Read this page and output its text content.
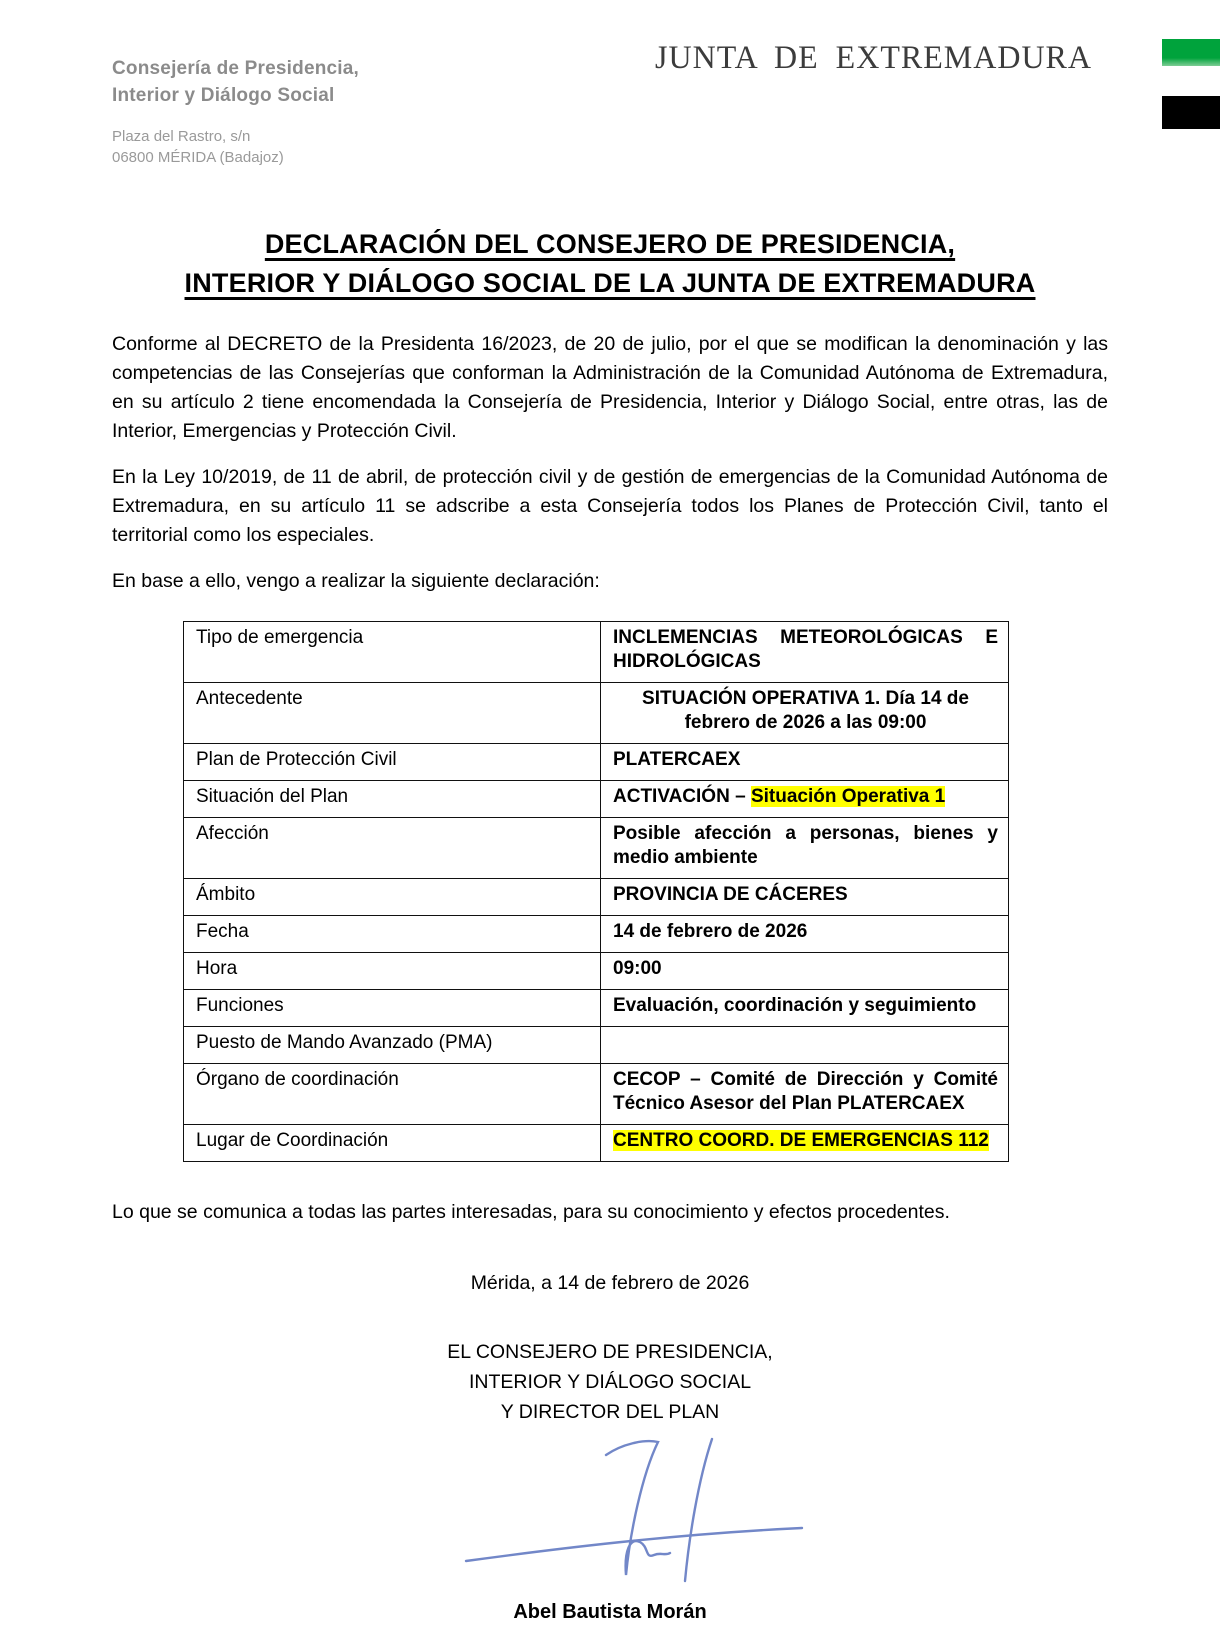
Consejería de Presidencia,
Interior y Diálogo Social
Plaza del Rastro, s/n
06800 MÉRIDA (Badajoz)
JUNTA DE EXTREMADURA
DECLARACIÓN DEL CONSEJERO DE PRESIDENCIA,
INTERIOR Y DIÁLOGO SOCIAL DE LA JUNTA DE EXTREMADURA

Conforme al DECRETO de la Presidenta 16/2023, de 20 de julio, por el que se modifican la denominación y las competencias de las Consejerías que conforman la Administración de la Comunidad Autónoma de Extremadura, en su artículo 2 tiene encomendada la Consejería de Presidencia, Interior y Diálogo Social, entre otras, las de Interior, Emergencias y Protección Civil.

En la Ley 10/2019, de 11 de abril, de protección civil y de gestión de emergencias de la Comunidad Autónoma de Extremadura, en su artículo 11 se adscribe a esta Consejería todos los Planes de Protección Civil, tanto el territorial como los especiales.

En base a ello, vengo a realizar la siguiente declaración:

Tipo de emergencia	INCLEMENCIAS METEOROLÓGICAS E HIDROLÓGICAS
Antecedente	SITUACIÓN OPERATIVA 1. Día 14 de febrero de 2026 a las 09:00
Plan de Protección Civil	PLATERCAEX
Situación del Plan	ACTIVACIÓN – Situación Operativa 1
Afección	Posible afección a personas, bienes y medio ambiente
Ámbito	PROVINCIA DE CÁCERES
Fecha	14 de febrero de 2026
Hora	09:00
Funciones	Evaluación, coordinación y seguimiento
Puesto de Mando Avanzado (PMA)	
Órgano de coordinación	CECOP – Comité de Dirección y Comité Técnico Asesor del Plan PLATERCAEX
Lugar de Coordinación	CENTRO COORD. DE EMERGENCIAS 112

Lo que se comunica a todas las partes interesadas, para su conocimiento y efectos procedentes.

Mérida, a 14 de febrero de 2026

EL CONSEJERO DE PRESIDENCIA,
INTERIOR Y DIÁLOGO SOCIAL
Y DIRECTOR DEL PLAN
Abel Bautista Morán
